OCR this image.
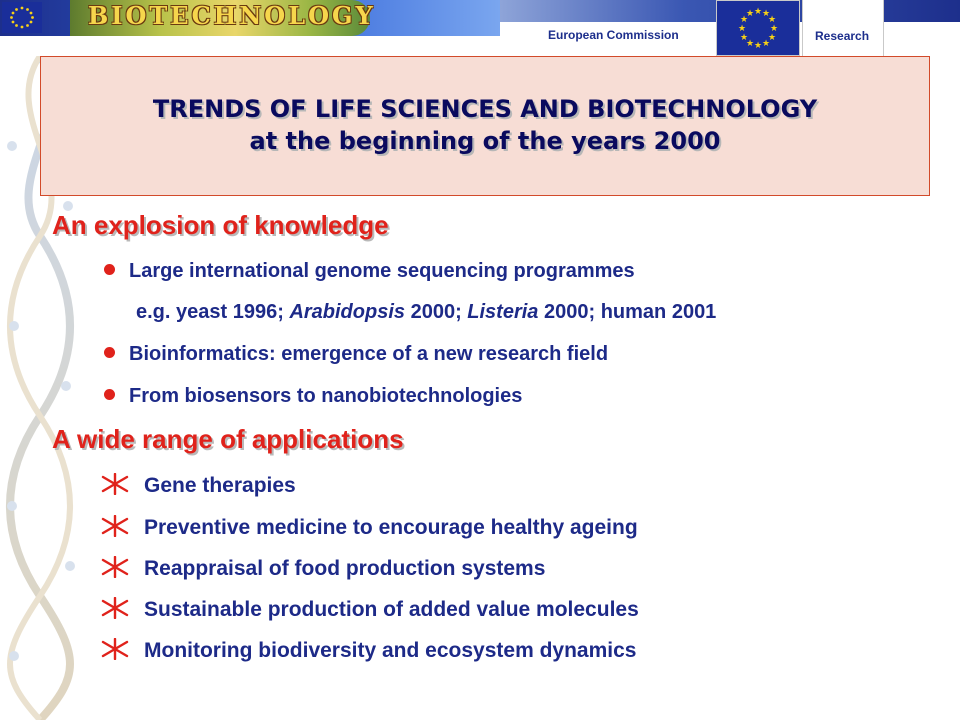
BIOTECHNOLOGY
European Commission
★ ★
★
★
★
★
★
★
★
★
★
★
Research
TRENDS OF LIFE SCIENCES AND BIOTECHNOLOGY
at the beginning of the years 2000
An explosion of knowledge
Large international genome sequencing programmes
e.g. yeast 1996; Arabidopsis 2000; Listeria 2000; human 2001
Bioinformatics: emergence of a new research field
From biosensors to nanobiotechnologies
A wide range of applications
Gene therapies
Preventive medicine to encourage healthy ageing
Reappraisal of food production systems
Sustainable production of added value molecules
Monitoring biodiversity and ecosystem dynamics
